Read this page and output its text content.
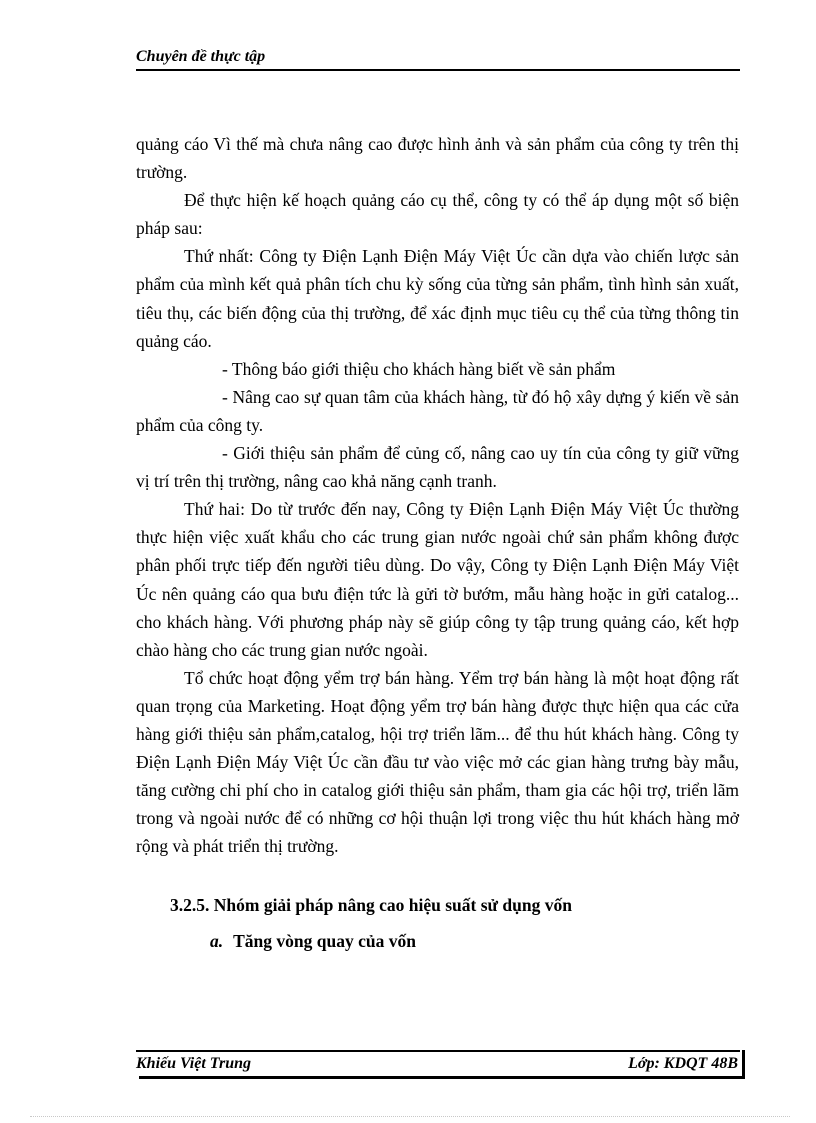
Chuyên đề thực tập

quảng cáo Vì thế mà chưa nâng cao được hình ảnh và sản phẩm của công ty trên thị trường.

Để thực hiện kế hoạch quảng cáo cụ thể, công ty có thể áp dụng một số biện pháp sau:

Thứ nhất: Công ty Điện Lạnh Điện Máy Việt Úc cần dựa vào chiến lược sản phẩm của mình kết quả phân tích chu kỳ sống của từng sản phẩm, tình hình sản xuất, tiêu thụ, các biến động của thị trường, để xác định mục tiêu cụ thể của từng thông tin quảng cáo.

- Thông báo giới thiệu cho khách hàng biết về sản phẩm

- Nâng cao sự quan tâm của khách hàng, từ đó hộ xây dựng ý kiến về sản phẩm của công ty.

- Giới thiệu sản phẩm để củng cố, nâng cao uy tín của công ty giữ vững vị trí trên thị trường, nâng cao khả năng cạnh tranh.

Thứ hai: Do từ trước đến nay, Công ty Điện Lạnh Điện Máy Việt Úc thường thực hiện việc xuất khẩu cho các trung gian nước ngoài chứ sản phẩm không được phân phối trực tiếp đến người tiêu dùng. Do vậy, Công ty Điện Lạnh Điện Máy Việt Úc nên quảng cáo qua bưu điện tức là gửi tờ bướm, mẫu hàng hoặc in gửi catalog... cho khách hàng. Với phương pháp này sẽ giúp công ty tập trung quảng cáo, kết hợp chào hàng cho các trung gian nước ngoài.

Tổ chức hoạt động yểm trợ bán hàng. Yểm trợ bán hàng là một hoạt động rất quan trọng của Marketing. Hoạt động yểm trợ bán hàng được thực hiện qua các cửa hàng giới thiệu sản phẩm,catalog, hội trợ triển lãm... để thu hút khách hàng. Công ty Điện Lạnh Điện Máy Việt Úc cần đầu tư vào việc mở các gian hàng trưng bày mẫu, tăng cường chi phí cho in catalog giới thiệu sản phẩm, tham gia các hội trợ, triển lãm trong và ngoài nước để có những cơ hội thuận lợi trong việc thu hút khách hàng mở rộng và phát triển thị trường.

3.2.5. Nhóm giải pháp nâng cao hiệu suất sử dụng vốn
a. Tăng vòng quay của vốn
Khiếu Việt Trung	Lớp: KDQT 48B
